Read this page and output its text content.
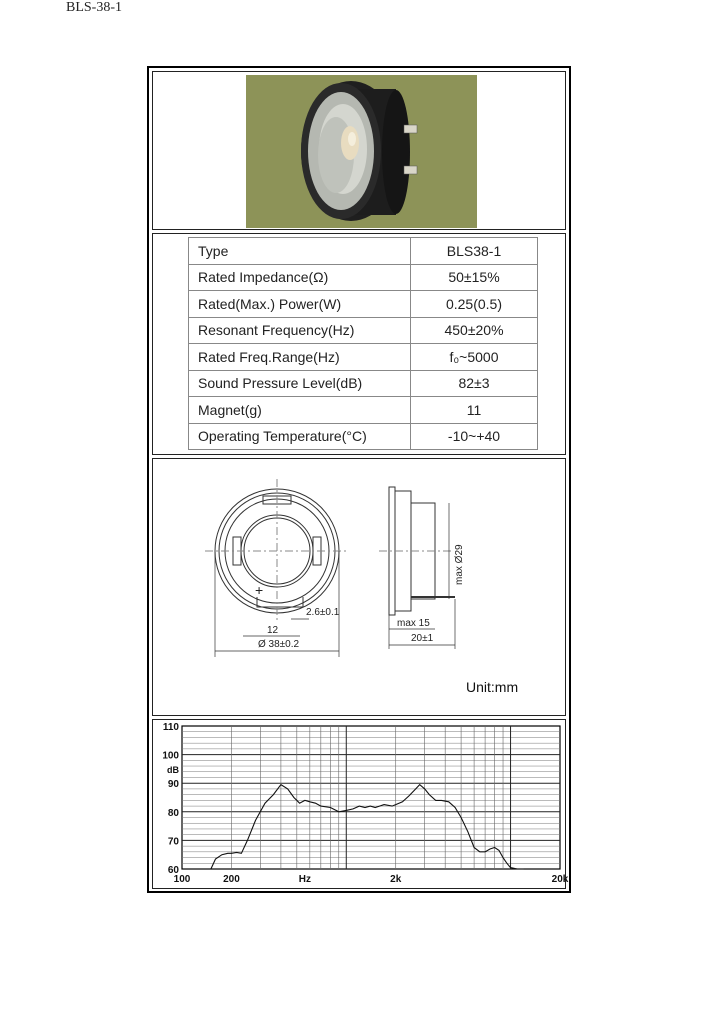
BLS-38-1
Type	BLS38-1
Rated Impedance(Ω)	50±15%
Rated(Max.) Power(W)	0.25(0.5)
Resonant Frequency(Hz)	450±20%
Rated Freq.Range(Hz)	f₀~5000
Sound Pressure Level(dB)	82±3
Magnet(g)	11
Operating Temperature(°C)	-10~+40
+
2.6±0.1
12
Ø 38±0.2
max Ø29
max 15
20±1
Unit:mm
60
70
80
90
100
110
dB
100	200	2k	20k
Hz
